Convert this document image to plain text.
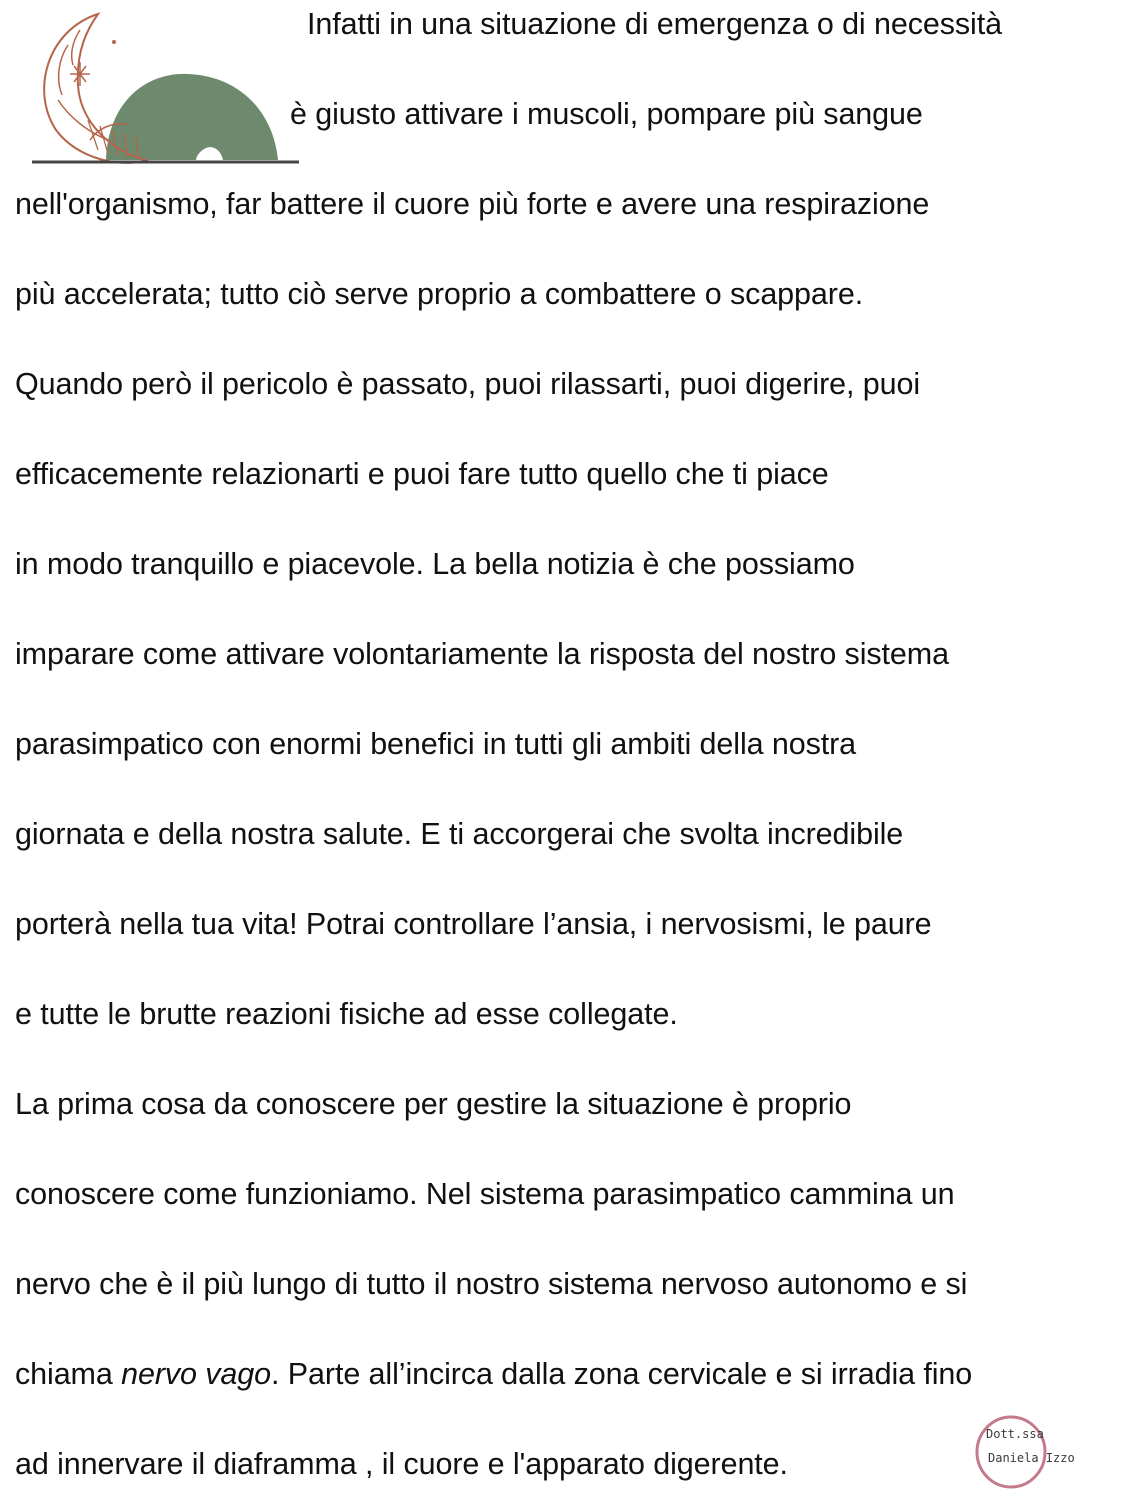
Infatti in una situazione di emergenza o di necessità

è giusto attivare i muscoli, pompare più sangue

nell'organismo, far battere il cuore più forte e avere una respirazione

più accelerata; tutto ciò serve proprio a combattere o scappare.

Quando però il pericolo è passato, puoi rilassarti, puoi digerire, puoi

efficacemente relazionarti e puoi fare tutto quello che ti piace

in modo tranquillo e piacevole. La bella notizia è che possiamo

imparare come attivare volontariamente la risposta del nostro sistema

parasimpatico con enormi benefici in tutti gli ambiti della nostra

giornata e della nostra salute. E ti accorgerai che svolta incredibile

porterà nella tua vita! Potrai controllare l’ansia, i nervosismi, le paure

e tutte le brutte reazioni fisiche ad esse collegate.

La prima cosa da conoscere per gestire la situazione è proprio

conoscere come funzioniamo. Nel sistema parasimpatico cammina un

nervo che è il più lungo di tutto il nostro sistema nervoso autonomo e si

chiama nervo vago. Parte all’incirca dalla zona cervicale e si irradia fino

ad innervare il diaframma , il cuore e l'apparato digerente.

Dott.ssa
Daniela Izzo
